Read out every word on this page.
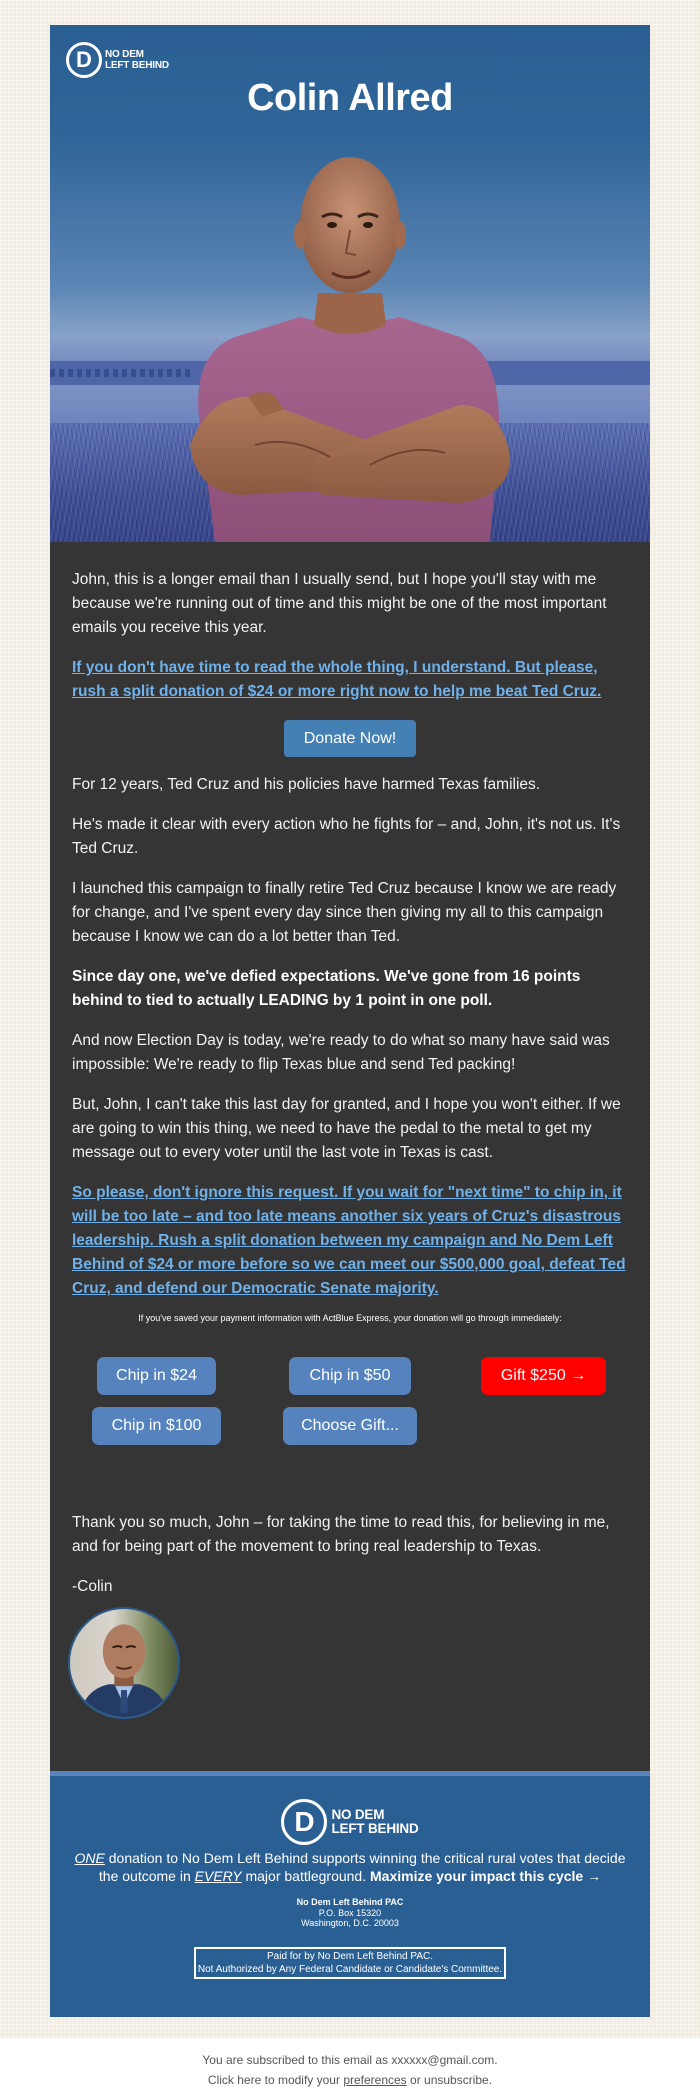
D	NO DEM
LEFT BEHIND
Colin Allred

John, this is a longer email than I usually send, but I hope you'll stay with me because we're running out of time and this might be one of the most important emails you receive this year.

If you don't have time to read the whole thing, I understand. But please, rush a split donation of $24 or more right now to help me beat Ted Cruz.

Donate Now!

For 12 years, Ted Cruz and his policies have harmed Texas families.

He's made it clear with every action who he fights for – and, John, it's not us. It's Ted Cruz.

I launched this campaign to finally retire Ted Cruz because I know we are ready for change, and I've spent every day since then giving my all to this campaign because I know we can do a lot better than Ted.

Since day one, we've defied expectations. We've gone from 16 points behind to tied to actually LEADING by 1 point in one poll.

And now Election Day is today, we're ready to do what so many have said was impossible: We're ready to flip Texas blue and send Ted packing!

But, John, I can't take this last day for granted, and I hope you won't either. If we are going to win this thing, we need to have the pedal to the metal to get my message out to every voter until the last vote in Texas is cast.

So please, don't ignore this request. If you wait for "next time" to chip in, it will be too late – and too late means another six years of Cruz's disastrous leadership. Rush a split donation between my campaign and No Dem Left Behind of $24 or more before so we can meet our $500,000 goal, defeat Ted Cruz, and defend our Democratic Senate majority.

If you've saved your payment information with ActBlue Express, your donation will go through immediately:

Chip in $24	Chip in $50	Gift $250 →
Chip in $100	Choose Gift...

Thank you so much, John – for taking the time to read this, for believing in me, and for being part of the movement to bring real leadership to Texas.

-Colin

D	NO DEM
LEFT BEHIND
ONE donation to No Dem Left Behind supports winning the critical rural votes that decide the outcome in EVERY major battleground. Maximize your impact this cycle →
No Dem Left Behind PAC
P.O. Box 15320
Washington, D.C. 20003
Paid for by No Dem Left Behind PAC.
Not Authorized by Any Federal Candidate or Candidate's Committee.
You are subscribed to this email as xxxxxx@gmail.com.
Click here to modify your preferences or unsubscribe.
